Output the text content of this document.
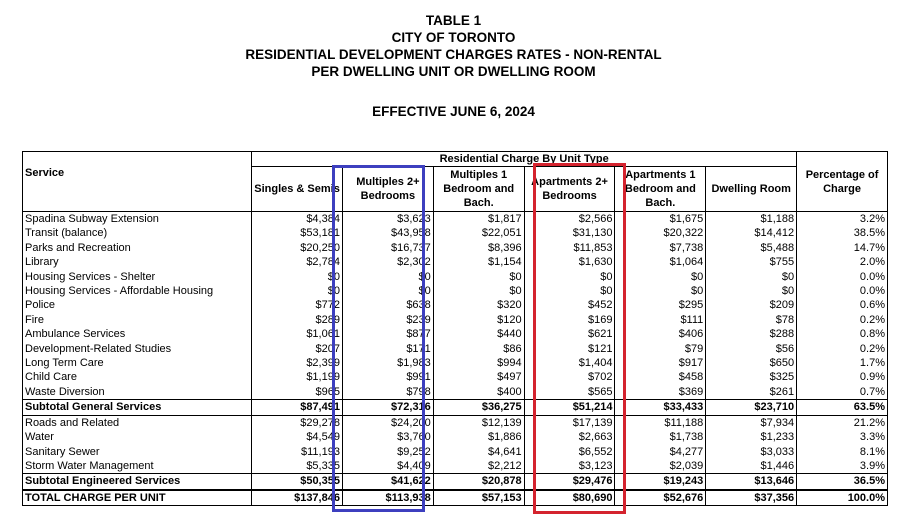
TABLE 1
CITY OF TORONTO
RESIDENTIAL DEVELOPMENT CHARGES RATES - NON-RENTAL
PER DWELLING UNIT OR DWELLING ROOM
EFFECTIVE JUNE 6, 2024
Service	Residential Charge By Unit Type						Percentage of Charge
	Singles & Semis	Multiples 2+ Bedrooms	Multiples 1 Bedroom and Bach.	Apartments 2+ Bedrooms	Apartments 1 Bedroom and Bach.	Dwelling Room	
Spadina Subway Extension	$4,384	$3,623	$1,817	$2,566	$1,675	$1,188	3.2%
Transit (balance)	$53,181	$43,958	$22,051	$31,130	$20,322	$14,412	38.5%
Parks and Recreation	$20,250	$16,737	$8,396	$11,853	$7,738	$5,488	14.7%
Library	$2,784	$2,302	$1,154	$1,630	$1,064	$755	2.0%
Housing Services - Shelter	$0	$0	$0	$0	$0	$0	0.0%
Housing Services - Affordable Housing	$0	$0	$0	$0	$0	$0	0.0%
Police	$772	$638	$320	$452	$295	$209	0.6%
Fire	$289	$239	$120	$169	$111	$78	0.2%
Ambulance Services	$1,061	$877	$440	$621	$406	$288	0.8%
Development-Related Studies	$207	$171	$86	$121	$79	$56	0.2%
Long Term Care	$2,399	$1,983	$994	$1,404	$917	$650	1.7%
Child Care	$1,199	$991	$497	$702	$458	$325	0.9%
Waste Diversion	$965	$798	$400	$565	$369	$261	0.7%
Subtotal General Services	$87,491	$72,316	$36,275	$51,214	$33,433	$23,710	63.5%
Roads and Related	$29,278	$24,200	$12,139	$17,139	$11,188	$7,934	21.2%
Water	$4,549	$3,760	$1,886	$2,663	$1,738	$1,233	3.3%
Sanitary Sewer	$11,193	$9,252	$4,641	$6,552	$4,277	$3,033	8.1%
Storm Water Management	$5,335	$4,409	$2,212	$3,123	$2,039	$1,446	3.9%
Subtotal Engineered Services	$50,355	$41,622	$20,878	$29,476	$19,243	$13,646	36.5%
TOTAL CHARGE PER UNIT	$137,846	$113,938	$57,153	$80,690	$52,676	$37,356	100.0%
